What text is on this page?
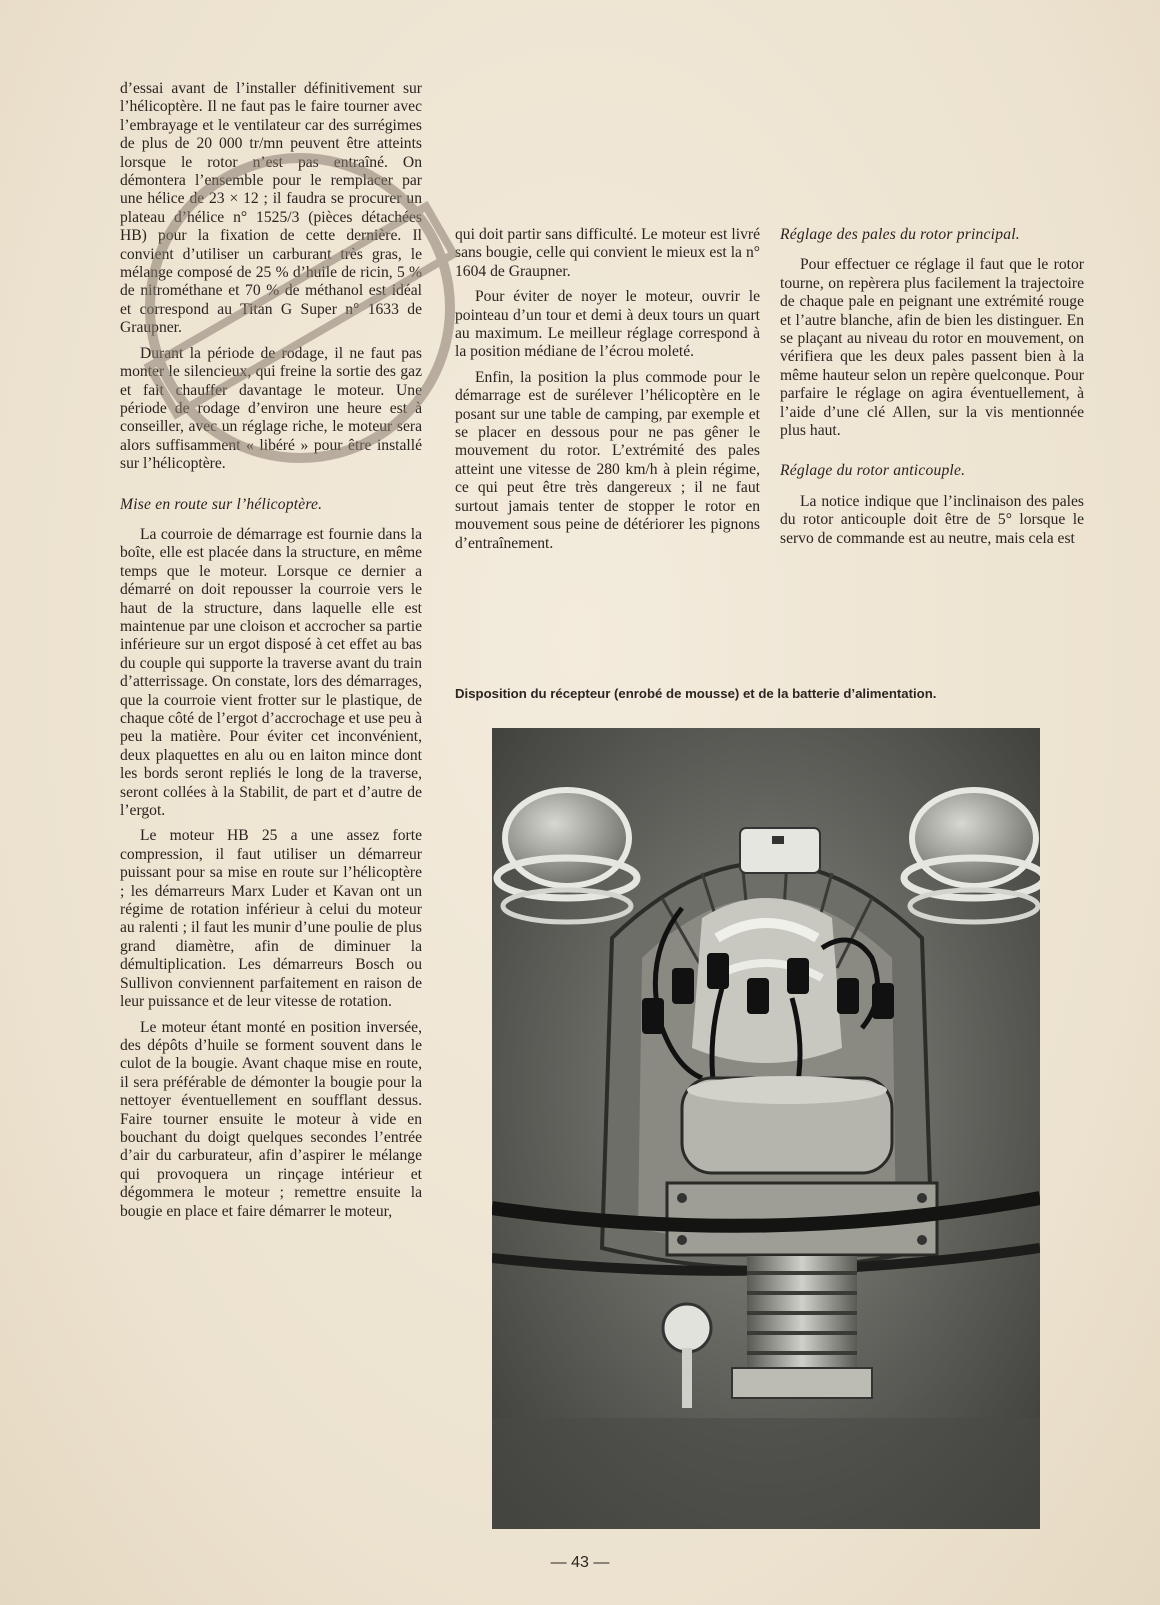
d’essai avant de l’installer définitivement sur l’hélicoptère. Il ne faut pas le faire tourner avec l’embrayage et le ventilateur car des surrégimes de plus de 20 000 tr/mn peuvent être atteints lorsque le rotor n’est pas entraîné. On démontera l’ensemble pour le remplacer par une hélice de 23 × 12 ; il faudra se procurer un plateau d’hélice n° 1525/3 (pièces détachées HB) pour la fixation de cette dernière. Il convient d’utiliser un carburant très gras, le mélange composé de 25 % d’huile de ricin, 5 % de nitrométhane et 70 % de méthanol est idéal et correspond au Titan G Super n° 1633 de Graupner.

Durant la période de rodage, il ne faut pas monter le silencieux, qui freine la sortie des gaz et fait chauffer davantage le moteur. Une période de rodage d’environ une heure est à conseiller, avec un réglage riche, le moteur sera alors suffisamment « libéré » pour être installé sur l’hélicoptère.

Mise en route sur l’hélicoptère.

La courroie de démarrage est fournie dans la boîte, elle est placée dans la structure, en même temps que le moteur. Lorsque ce dernier a démarré on doit repousser la courroie vers le haut de la structure, dans laquelle elle est maintenue par une cloison et accrocher sa partie inférieure sur un ergot disposé à cet effet au bas du couple qui supporte la traverse avant du train d’atterrissage. On constate, lors des démarrages, que la courroie vient frotter sur le plastique, de chaque côté de l’ergot d’accrochage et use peu à peu la matière. Pour éviter cet inconvénient, deux plaquettes en alu ou en laiton mince dont les bords seront repliés le long de la traverse, seront collées à la Stabilit, de part et d’autre de l’ergot.

Le moteur HB 25 a une assez forte compression, il faut utiliser un démarreur puissant pour sa mise en route sur l’hélicoptère ; les démarreurs Marx Luder et Kavan ont un régime de rotation inférieur à celui du moteur au ralenti ; il faut les munir d’une poulie de plus grand diamètre, afin de diminuer la démultiplication. Les démarreurs Bosch ou Sullivon conviennent parfaitement en raison de leur puissance et de leur vitesse de rotation.

Le moteur étant monté en position inversée, des dépôts d’huile se forment souvent dans le culot de la bougie. Avant chaque mise en route, il sera préférable de démonter la bougie pour la nettoyer éventuellement en soufflant dessus. Faire tourner ensuite le moteur à vide en bouchant du doigt quelques secondes l’entrée d’air du carburateur, afin d’aspirer le mélange qui provoquera un rinçage intérieur et dégommera le moteur ; remettre ensuite la bougie en place et faire démarrer le moteur,

qui doit partir sans difficulté. Le moteur est livré sans bougie, celle qui convient le mieux est la n° 1604 de Graupner.

Pour éviter de noyer le moteur, ouvrir le pointeau d’un tour et demi à deux tours un quart au maximum. Le meilleur réglage correspond à la position médiane de l’écrou moleté.

Enfin, la position la plus commode pour le démarrage est de surélever l’hélicoptère en le posant sur une table de camping, par exemple et se placer en dessous pour ne pas gêner le mouvement du rotor. L’extrémité des pales atteint une vitesse de 280 km/h à plein régime, ce qui peut être très dangereux ; il ne faut surtout jamais tenter de stopper le rotor en mouvement sous peine de détériorer les pignons d’entraînement.

Réglage des pales du rotor principal.

Pour effectuer ce réglage il faut que le rotor tourne, on repèrera plus facilement la trajectoire de chaque pale en peignant une extrémité rouge et l’autre blanche, afin de bien les distinguer. En se plaçant au niveau du rotor en mouvement, on vérifiera que les deux pales passent bien à la même hauteur selon un repère quelconque. Pour parfaire le réglage on agira éventuellement, à l’aide d’une clé Allen, sur la vis mentionnée plus haut.

Réglage du rotor anticouple.

La notice indique que l’inclinaison des pales du rotor anticouple doit être de 5° lorsque le servo de commande est au neutre, mais cela est

Disposition du récepteur (enrobé de mousse) et de la batterie d’alimentation.
— 43 —
